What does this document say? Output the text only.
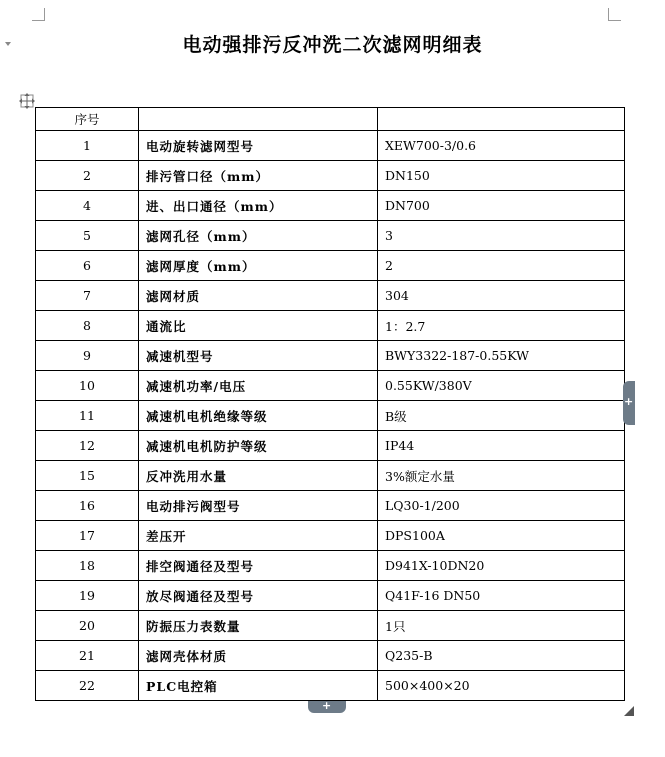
电动强排污反冲洗二次滤网明细表
序号		
1	电动旋转滤网型号	XEW700-3/0.6
2	排污管口径（mm）	DN150
4	进、出口通径（mm）	DN700
5	滤网孔径（mm）	3
6	滤网厚度（mm）	2
7	滤网材质	304
8	通流比	1：2.7
9	减速机型号	BWY3322-187-0.55KW
10	减速机功率/电压	0.55KW/380V
11	减速机电机绝缘等级	B级
12	减速机电机防护等级	IP44
15	反冲洗用水量	3%额定水量
16	电动排污阀型号	LQ30-1/200
17	差压开	DPS100A
18	排空阀通径及型号	D941X-10DN20
19	放尽阀通径及型号	Q41F-16 DN50
20	防振压力表数量	1只
21	滤网壳体材质	Q235-B
22	PLC电控箱	500×400×20
+
+
